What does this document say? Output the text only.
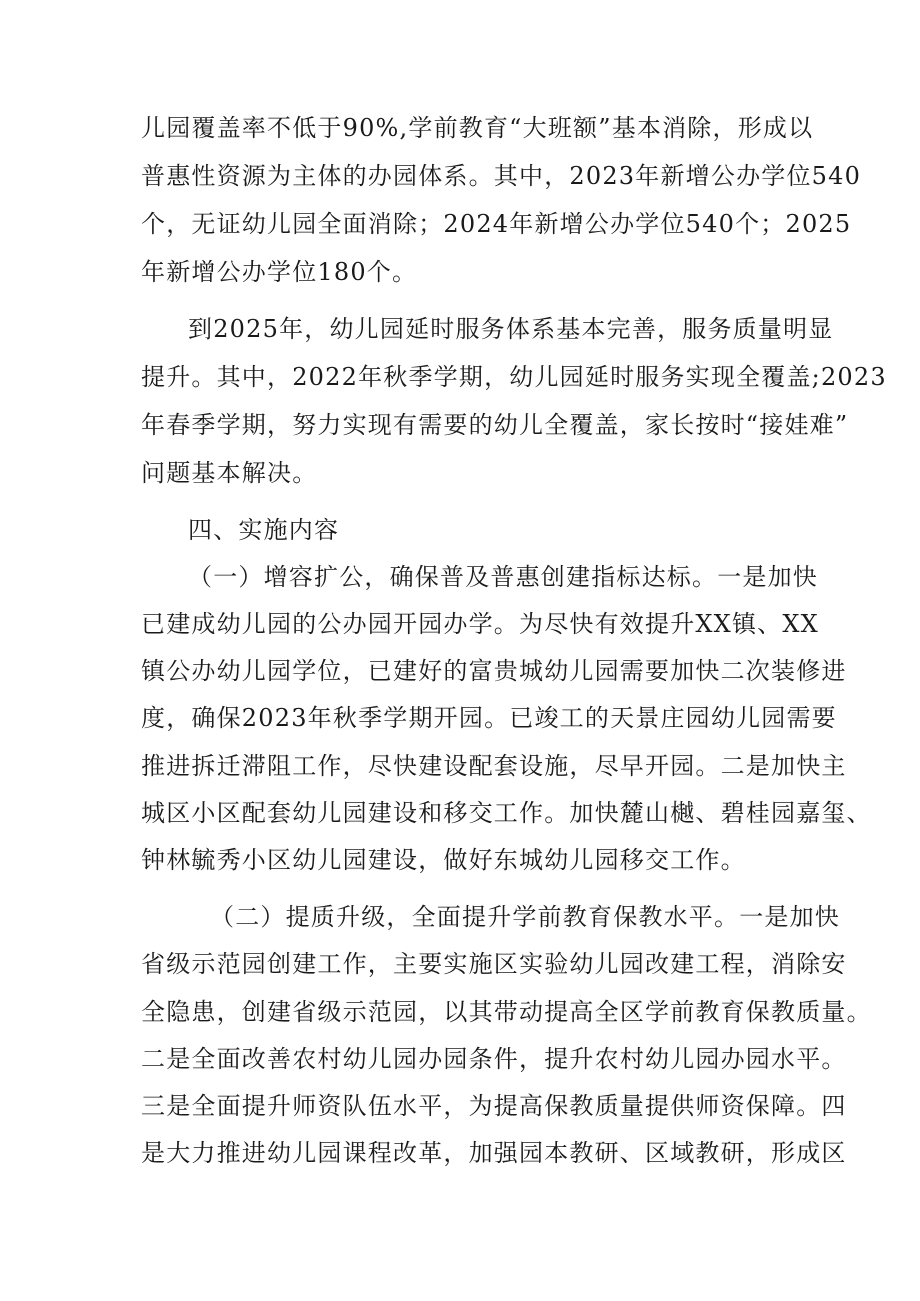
儿园覆盖率不低于90%,学前教育“大班额”基本消除，形成以
普惠性资源为主体的办园体系。其中，2023年新增公办学位540
个，无证幼儿园全面消除；2024年新增公办学位540个；2025
年新增公办学位180个。
到2025年，幼儿园延时服务体系基本完善，服务质量明显
提升。其中，2022年秋季学期，幼儿园延时服务实现全覆盖;2023
年春季学期，努力实现有需要的幼儿全覆盖，家长按时“接娃难”
问题基本解决。
四、实施内容
（一）增容扩公，确保普及普惠创建指标达标。一是加快
已建成幼儿园的公办园开园办学。为尽快有效提升XX镇、XX
镇公办幼儿园学位，已建好的富贵城幼儿园需要加快二次装修进
度，确保2023年秋季学期开园。已竣工的天景庄园幼儿园需要
推进拆迁滞阻工作，尽快建设配套设施，尽早开园。二是加快主
城区小区配套幼儿园建设和移交工作。加快麓山樾、碧桂园嘉玺、
钟林毓秀小区幼儿园建设，做好东城幼儿园移交工作。
（二）提质升级，全面提升学前教育保教水平。一是加快
省级示范园创建工作，主要实施区实验幼儿园改建工程，消除安
全隐患，创建省级示范园，以其带动提高全区学前教育保教质量。
二是全面改善农村幼儿园办园条件，提升农村幼儿园办园水平。
三是全面提升师资队伍水平，为提高保教质量提供师资保障。四
是大力推进幼儿园课程改革，加强园本教研、区域教研，形成区
